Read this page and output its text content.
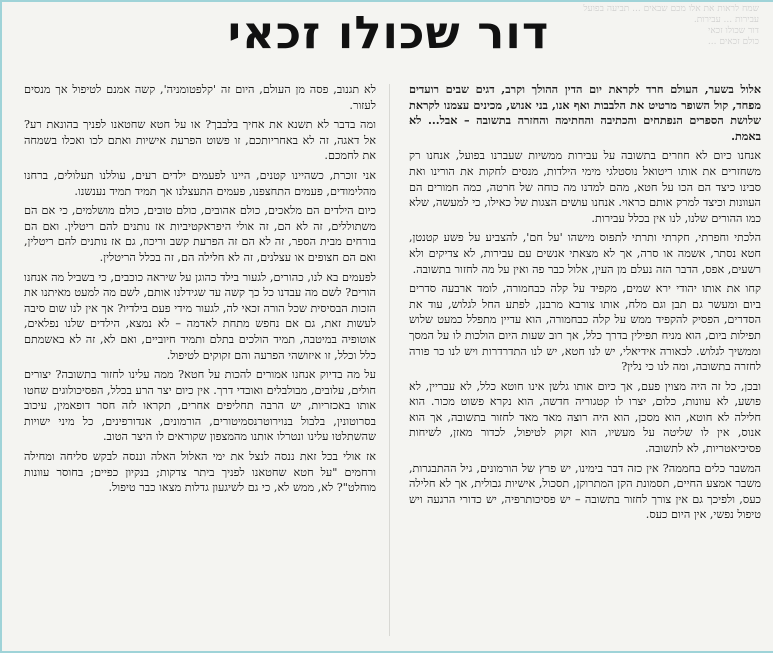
שמח לראות את אלו מכם שבאים ... תביעה בפועל
עבירות ... עבירות.
דור שכולו זכאי
כולם זכאים ...
דור שכולו זכאי

אלול בשער, העולם חרד לקראת יום הדין ההולך וקרב, דגים שבים רועדים מפחד, קול השופר מרטיט את הלבבות ואף אנו, בני אנוש, מכינים עצמנו לקראת שלושת הספרים הנפתחים והכתיבה והחתימה והחזרה בתשובה – אבל... לא באמת.

אנחנו כיום לא חוזרים בתשובה על עבירות ממשיות שעברנו בפועל, אנחנו רק משחזרים את אותו ריטואל נוסטלגי מימי הילדות, מנסים לחקות את הורינו ואת סבינו כיצד הם הכו על חטא, מהם למדנו מה כוחה של חרטה, כמה חמורים הם העוונות וכיצד למרק אותם כראוי. אנחנו עושים הצגות של כאילו, כי למעשה, שלא כמו ההורים שלנו, לנו אין בכלל עבירות.

הלכתי וחפרתי, חקרתי ותרתי לתפוס מישהו 'על חם', להצביע על פשע קטנטן, חטא נסתר, אשמה או סרה, אך לא מצאתי אנשים עם עבירות, לא צדיקים ולא רשעים, אפס, הדבר הזה נעלם מן העין, אלול כבר פה ואין על מה לחזור בתשובה.

קחו את אותו יהודי ירא שמים, מקפיד על קלה כבחמורה, לומד ארבעה סדרים ביום ומעשר גם תבן וגם מלח, אותו צורבא מרבנן, לפתע החל לגלוש, עוד את הסדרים, הפסיק להקפיד ממש על קלה כבחמורה, הוא עדיין מתפלל כמעט שלוש תפילות ביום, הוא מניח תפילין בדרך כלל, אך רוב שעות היום הולכות לו על המסך וממשיך לגלוש. לכאורה אידיאלי, יש לנו חטא, יש לנו התדרדרות ויש לנו כר פורה לחזרה בתשובה, ומה לנו כי נלין?

ובכן, כל זה היה מצוין פעם, אך כיום אותו גלשן אינו חוטא כלל, לא עבריין, לא פושע, לא עוונות, כלום, יצרו לו קטגוריה חדשה, הוא נקרא פשוט מכור. הוא חלילה לא חוטא, הוא מסכן, הוא היה רוצה מאד מאד לחזור בתשובה, אך הוא אנוס, אין לו שליטה על מעשיו, הוא זקוק לטיפול, לכדור מאזן, לשיחות פסיכיאטריות, לא לתשובה.

המשבר כלים בחממה? אין כזה דבר בימינו, יש פרץ של הורמונים, גיל ההתבגרות, משבר אמצע החיים, תסמונת הקן המתרוקן, תסכול, אישיות גבולית, אך לא חלילה כעס, ולפיכך גם אין צורך לחזור בתשובה – יש פסיכותרפיה, יש כדורי הרגעה ויש טיפול נפשי, אין היום כעס.

לא תגנוב, פסה מן העולם, היום זה 'קלפטומניה', קשה אמנם לטיפול אך מנסים לעזור.

ומה בדבר לא תשנא את אחיך בלבבך? או על חטא שחטאנו לפניך בהונאת רע? אל דאגה, זה לא באחריותכם, זו פשוט הפרעת אישיות ואתם לכו ואכלו בשמחה את לחמכם.

אני זוכרת, כשהיינו קטנים, היינו לפעמים ילדים רעים, עוללנו תעלולים, ברחנו מהלימודים, פעמים התחצפנו, פעמים התעצלנו אך תמיד תמיד נענשנו.

כיום הילדים הם מלאכים, כולם אהובים, כולם טובים, כולם מושלמים, כי אם הם משתוללים, זה לא הם, זה אולי היפראקטיביות אז נותנים להם ריטלין. ואם הם בורחים מבית הספר, זה לא הם זה הפרעת קשב וריכוז, גם אז נותנים להם ריטלין, ואם הם חצופים או עצלנים, זה לא חלילה הם, זה בכלל הריטלין.

לפעמים בא לנו, כהורים, לגעור בילד כהוגן על שיראה כוכבים, כי בשביל מה אנחנו הורים? לשם מה עבדנו כל כך קשה עד שגידלנו אותם, לשם מה למעט מאיתנו את הזכות הבסיסית שכל הורה זכאי לה, לגעור מידי פעם בילדיו? אך אין לנו שום סיבה לעשות זאת, גם אם נחפש מתחת לאדמה – לא נמצא, הילדים שלנו נפלאים, אוטופיה במיטבה, תמיד הולכים בתלם ותמיד חיוביים, ואם לא, זה לא באשמתם כלל וכלל, זו איזושהי הפרעה והם זקוקים לטיפול.

על מה בדיוק אנחנו אמורים להכות על חטא? ממה עלינו לחזור בתשובה? יצורים חולים, עלובים, מבולבלים ואובדי דרך. אין כיום יצר הרע בכלל, הפסיכולוגים שחטו אותו באכזריות, יש הרבה תחליפים אחרים, תקראו לזה חסר דופאמין, עיכוב בסרוטונין, בלבול בנוירוטרנסמיטורים, הורמונים, אנדורפינים, כל מיני ישויות שהשתלטו עלינו ונטרלו אותנו מהמצפון שקוראים לו היצר הטוב.

אז אולי בכל זאת ננסה לנצל את ימי האלול האלה וננסה לבקש סליחה ומחילה ורחמים "על חטא שחטאנו לפניך ביתר צדקות; בנקיון כפיים; בחוסר עוונות מוחלט"? לא, ממש לא, כי גם לשיגעון גדלות מצאו כבר טיפול.
